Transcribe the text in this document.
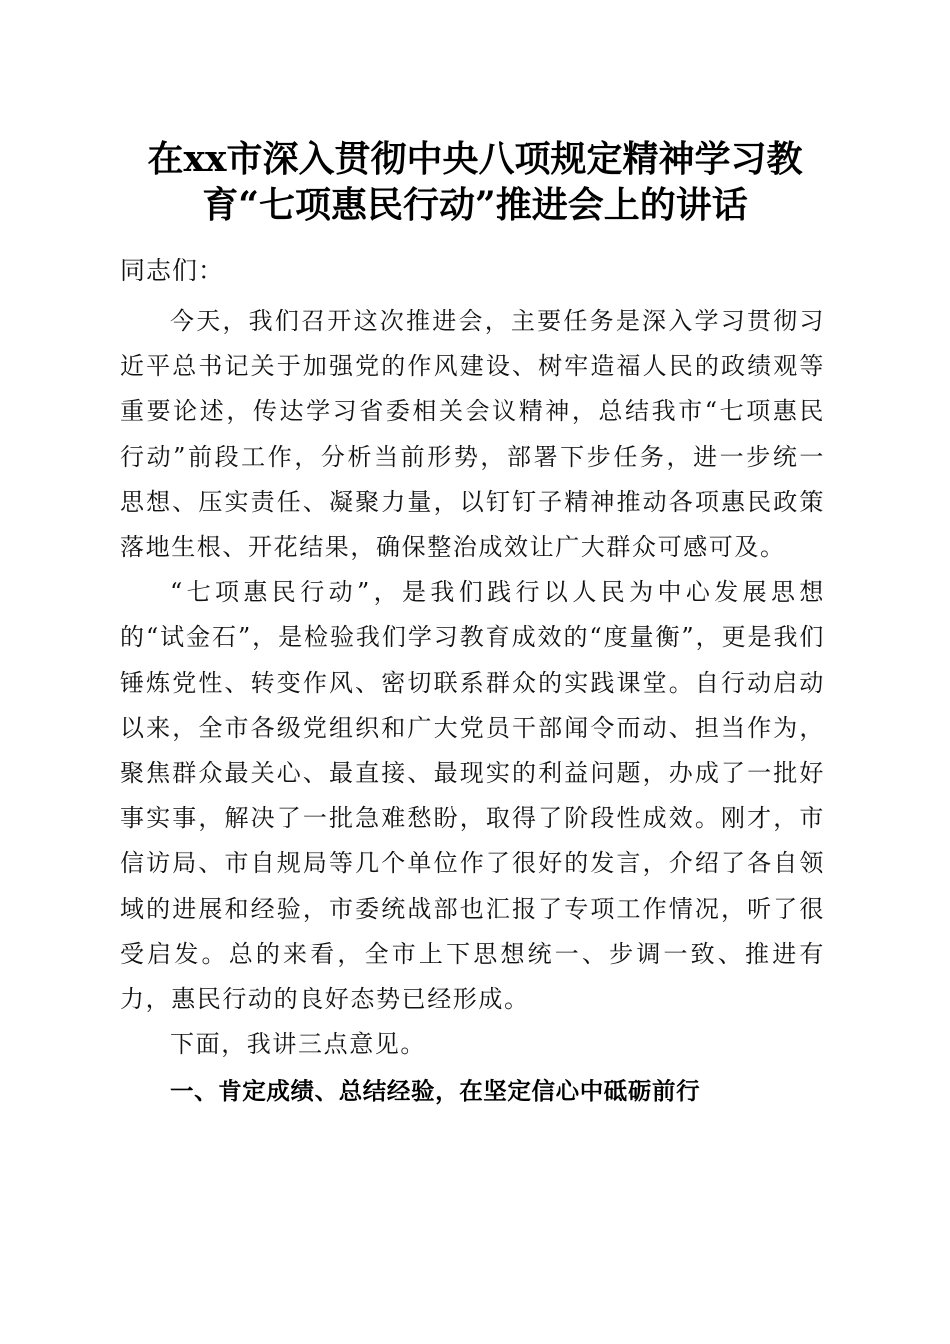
在xx市深入贯彻中央八项规定精神学习教
育“七项惠民行动”推进会上的讲话

同志们：

今天，我们召开这次推进会，主要任务是深入学习贯彻习近平总书记关于加强党的作风建设、树牢造福人民的政绩观等重要论述，传达学习省委相关会议精神，总结我市“七项惠民行动”前段工作，分析当前形势，部署下步任务，进一步统一思想、压实责任、凝聚力量，以钉钉子精神推动各项惠民政策落地生根、开花结果，确保整治成效让广大群众可感可及。

“七项惠民行动”，是我们践行以人民为中心发展思想的“试金石”，是检验我们学习教育成效的“度量衡”，更是我们锤炼党性、转变作风、密切联系群众的实践课堂。自行动启动以来，全市各级党组织和广大党员干部闻令而动、担当作为，聚焦群众最关心、最直接、最现实的利益问题，办成了一批好事实事，解决了一批急难愁盼，取得了阶段性成效。刚才，市信访局、市自规局等几个单位作了很好的发言，介绍了各自领域的进展和经验，市委统战部也汇报了专项工作情况，听了很受启发。总的来看，全市上下思想统一、步调一致、推进有力，惠民行动的良好态势已经形成。

下面，我讲三点意见。

一、肯定成绩、总结经验，在坚定信心中砥砺前行
